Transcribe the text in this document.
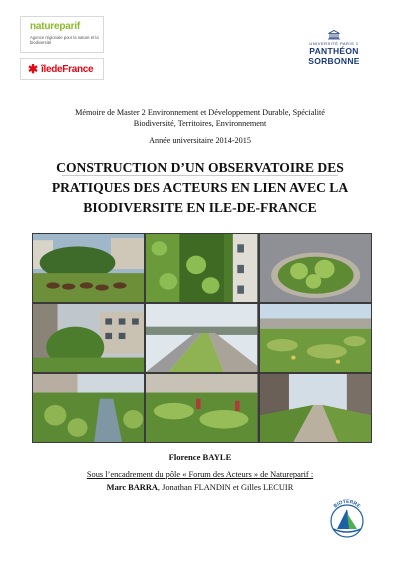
natureparif
Agence régionale pour la nature et la biodiversité
✱ îledeFrance
UNIVERSITÉ PARIS 1
PANTHÉON SORBONNE
Mémoire de Master 2 Environnement et Développement Durable, Spécialité
Biodiversité, Territoires, Environnement
Année universitaire 2014-2015
CONSTRUCTION D’UN OBSERVATOIRE DES
PRATIQUES DES ACTEURS EN LIEN AVEC LA
BIODIVERSITE EN ILE-DE-FRANCE
Florence BAYLE
Sous l’encadrement du pôle « Forum des Acteurs » de Natureparif :
Marc BARRA, Jonathan FLANDIN et Gilles LECUIR
BIOTERRE
